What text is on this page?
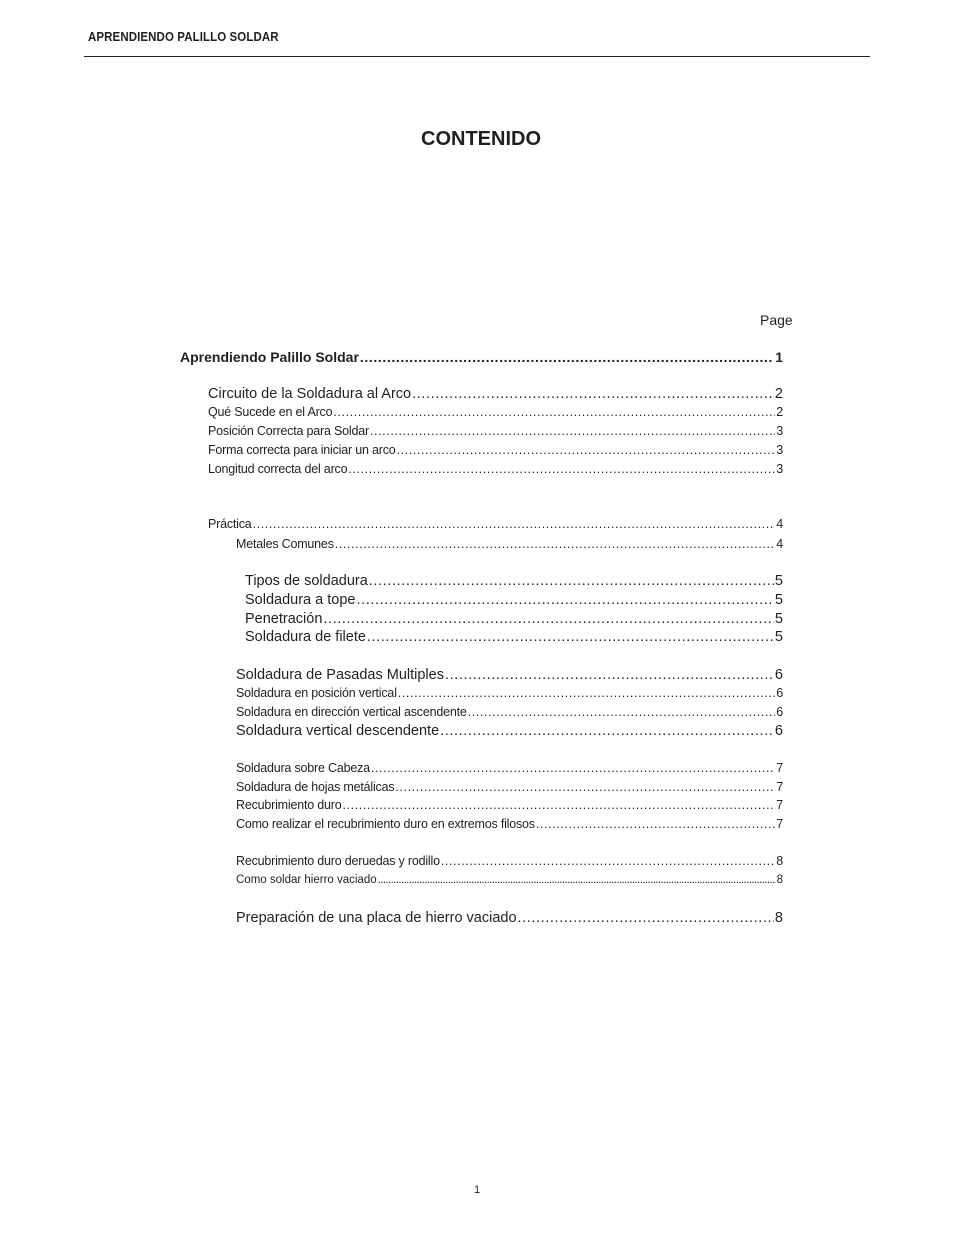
APRENDIENDO PALILLO SOLDAR
CONTENIDO
Page
Aprendiendo Palillo Soldar .....	1
Circuito de la Soldadura al Arco .....	2
Qué Sucede en el Arco .....	2
Posición Correcta para Soldar .....	3
Forma correcta para iniciar un arco .....	3
Longitud correcta del arco .....	3
Práctica .....	4
Metales Comunes .....	4
Tipos de soldadura .....	5
Soldadura a tope .....	5
Penetración .....	5
Soldadura de filete .....	5
Soldadura de Pasadas Multiples .....	6
Soldadura en posición vertical .....	6
Soldadura en dirección vertical ascendente .....	6
Soldadura vertical descendente .....	6
Soldadura sobre Cabeza .....	7
Soldadura de hojas metálicas .....	7
Recubrimiento duro .....	7
Como realizar el recubrimiento duro en extremos filosos .....	7
Recubrimiento duro deruedas y rodillo .....	8
Como soldar hierro vaciado .....	8
Preparación de una placa de hierro vaciado .....	8
1
